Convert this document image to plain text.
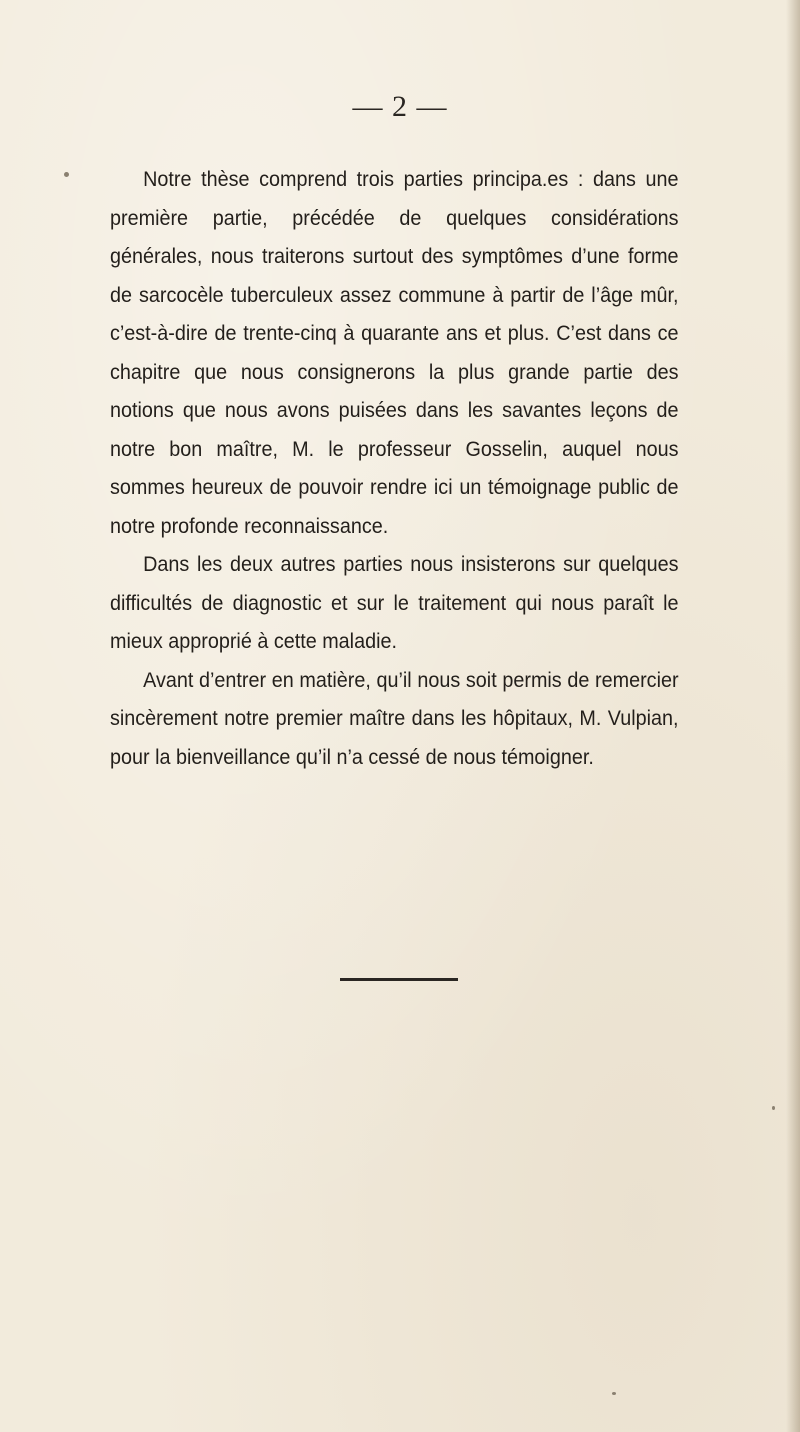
— 2 —

Notre thèse comprend trois parties principa.es : dans une première partie, précédée de quelques considérations générales, nous traiterons surtout des symptômes d’une forme de sarcocèle tuberculeux assez commune à partir de l’âge mûr, c’est-à-dire de trente-cinq à quarante ans et plus. C’est dans ce chapitre que nous consignerons la plus grande partie des notions que nous avons puisées dans les savantes leçons de notre bon maître, M. le professeur Gosselin, auquel nous sommes heureux de pouvoir rendre ici un témoignage public de notre profonde reconnaissance.

Dans les deux autres parties nous insisterons sur quelques difficultés de diagnostic et sur le traitement qui nous paraît le mieux approprié à cette maladie.

Avant d’entrer en matière, qu’il nous soit permis de remercier sincèrement notre premier maître dans les hôpitaux, M. Vulpian, pour la bienveillance qu’il n’a cessé de nous témoigner.
